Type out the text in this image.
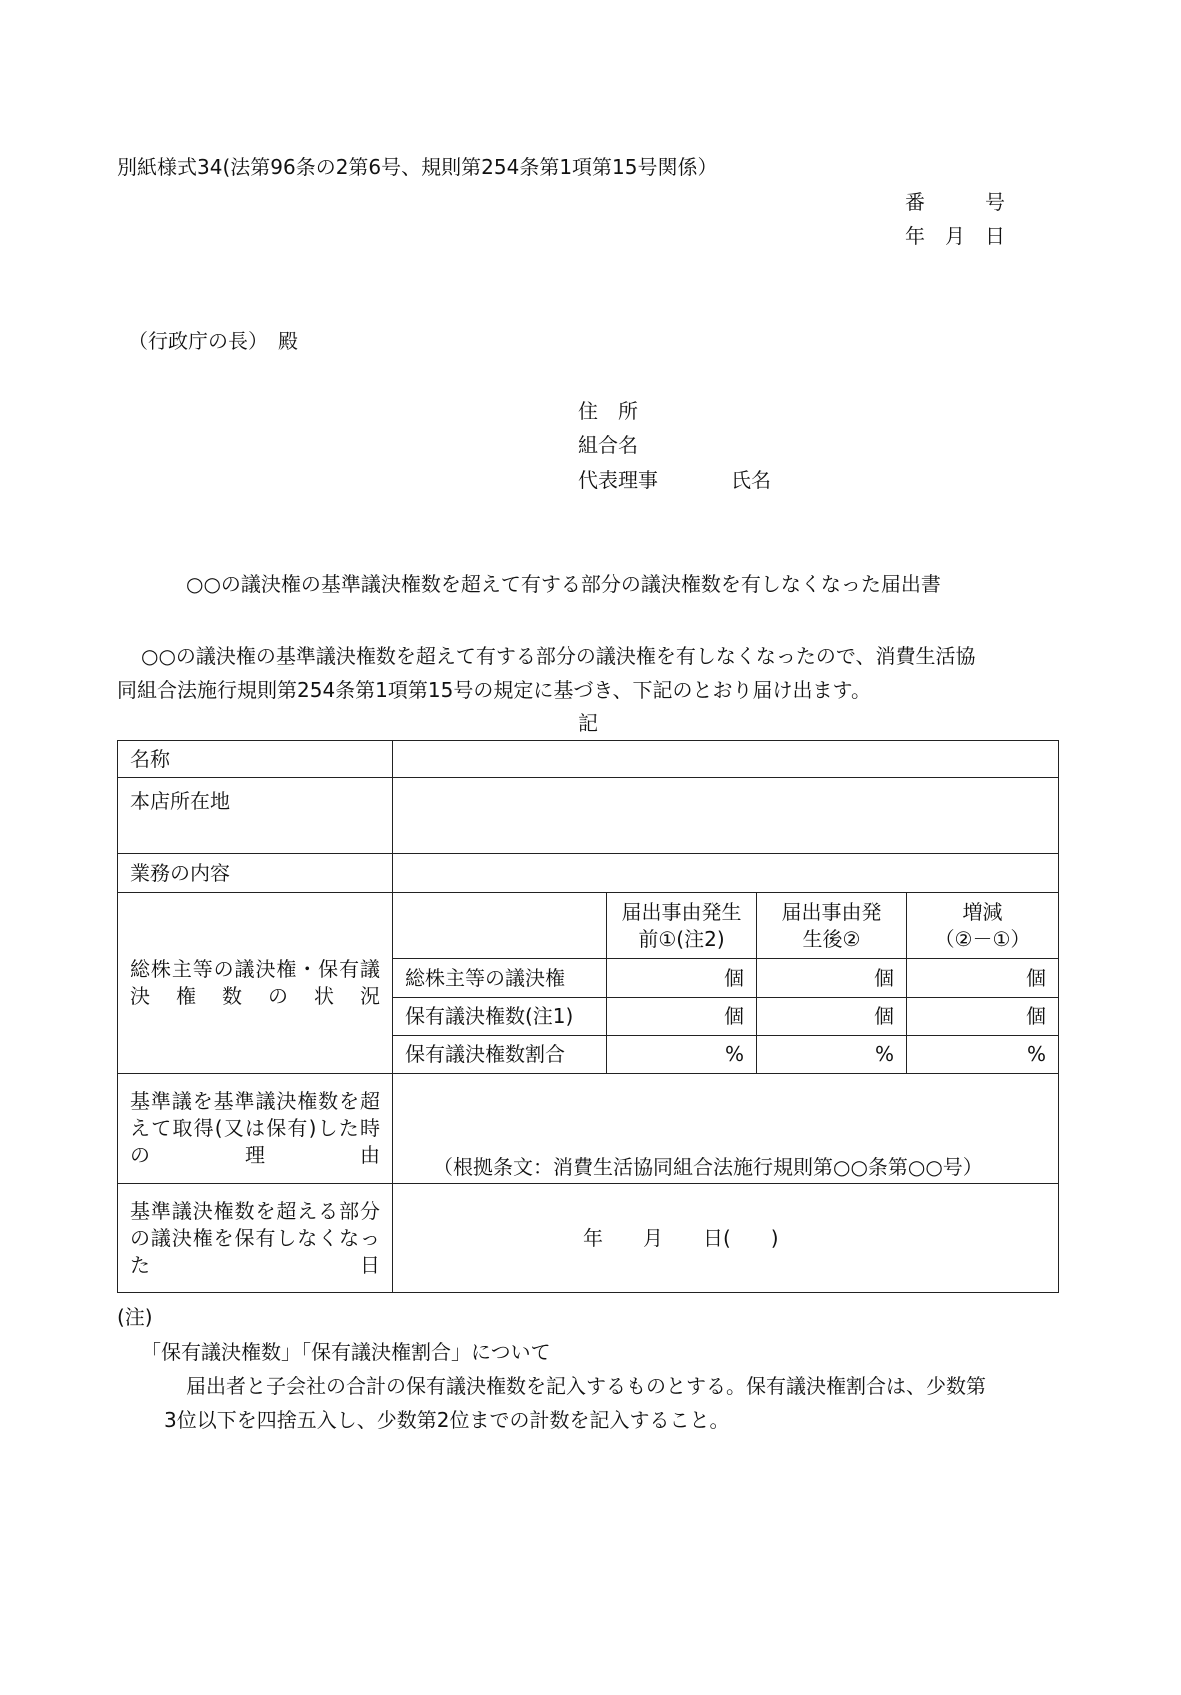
別紙様式34(法第96条の2第6号、規則第254条第1項第15号関係）
番　　　号
年　月　日
（行政庁の長）　殿
住　所
組合名
代表理事	氏名
○○の議決権の基準議決権数を超えて有する部分の議決権数を有しなくなった届出書
○○の議決権の基準議決権数を超えて有する部分の議決権を有しなくなったので、消費生活協
同組合法施行規則第254条第1項第15号の規定に基づき、下記のとおり届け出ます。
記
名称				
本店所在地				
業務の内容				
総株主等の議決権・保有議決権数の状況		届出事由発生前①(注2)	届出事由発生後②	増減
（②－①）

	総株主等の議決権	個	個	個
	保有議決権数(注1)	個	個	個
	保有議決権数割合	%	%	%
基準議を基準議決権数を超えて取得(又は保有)した時の理由	（根拠条文：消費生活協同組合法施行規則第○○条第○○号）			
基準議決権数を超える部分の議決権を保有しなくなった日	年　　月　　日(　　)			
(注)
「保有議決権数」「保有議決権割合」について
届出者と子会社の合計の保有議決権数を記入するものとする。保有議決権割合は、少数第
3位以下を四捨五入し、少数第2位までの計数を記入すること。
